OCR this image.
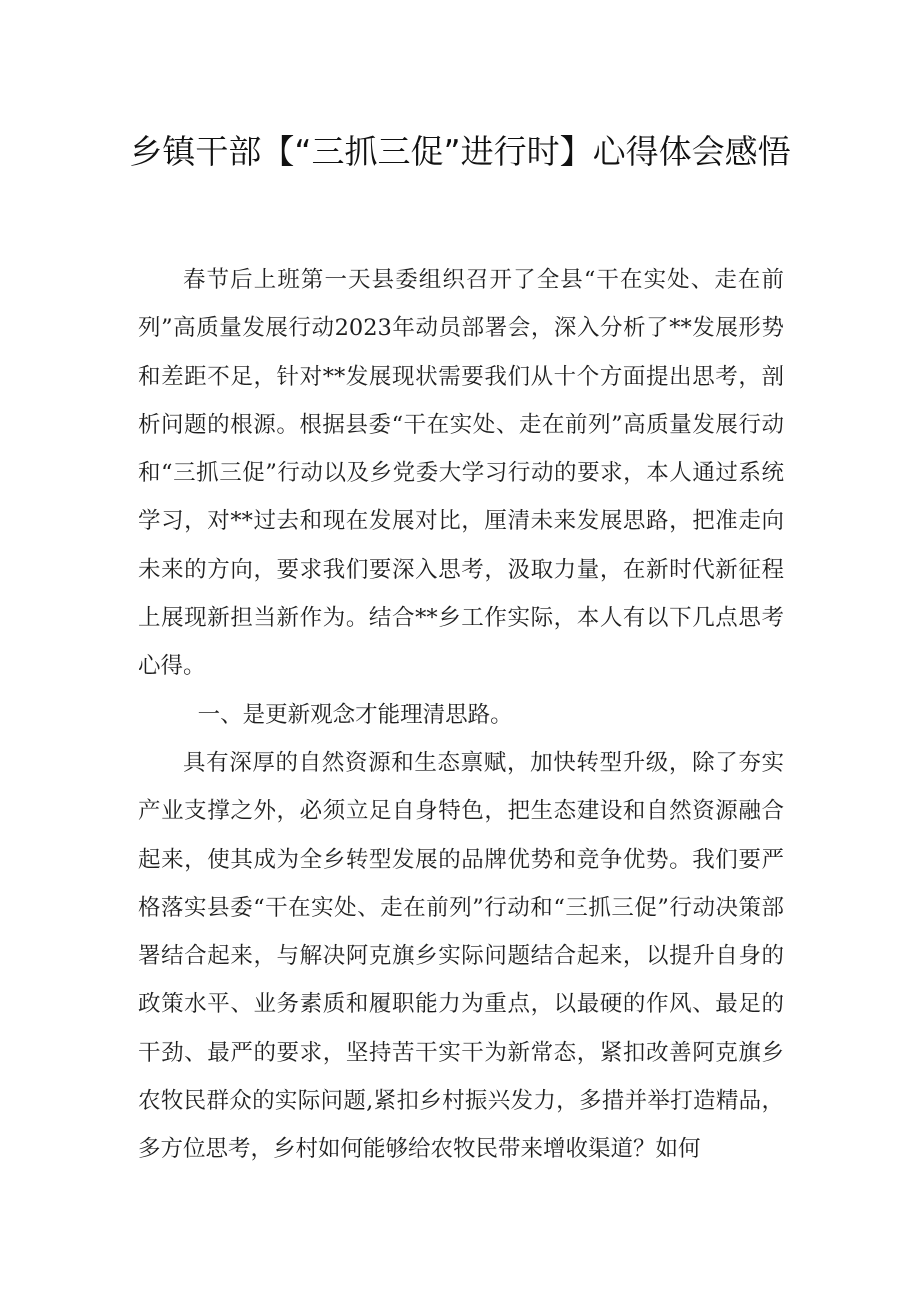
乡镇干部【“三抓三促”进行时】心得体会感悟

春节后上班第一天县委组织召开了全县“干在实处、走在前列”高质量发展行动2023年动员部署会，深入分析了**发展形势和差距不足，针对**发展现状需要我们从十个方面提出思考，剖析问题的根源。根据县委“干在实处、走在前列”高质量发展行动和“三抓三促”行动以及乡党委大学习行动的要求，本人通过系统学习，对**过去和现在发展对比，厘清未来发展思路，把准走向未来的方向，要求我们要深入思考，汲取力量，在新时代新征程上展现新担当新作为。结合**乡工作实际，本人有以下几点思考心得。

一、是更新观念才能理清思路。

具有深厚的自然资源和生态禀赋，加快转型升级，除了夯实产业支撑之外，必须立足自身特色，把生态建设和自然资源融合起来，使其成为全乡转型发展的品牌优势和竞争优势。我们要严格落实县委“干在实处、走在前列”行动和“三抓三促”行动决策部署结合起来，与解决阿克旗乡实际问题结合起来，以提升自身的政策水平、业务素质和履职能力为重点，以最硬的作风、最足的干劲、最严的要求，坚持苦干实干为新常态，紧扣改善阿克旗乡农牧民群众的实际问题,紧扣乡村振兴发力，多措并举打造精品，多方位思考，乡村如何能够给农牧民带来增收渠道？如何
